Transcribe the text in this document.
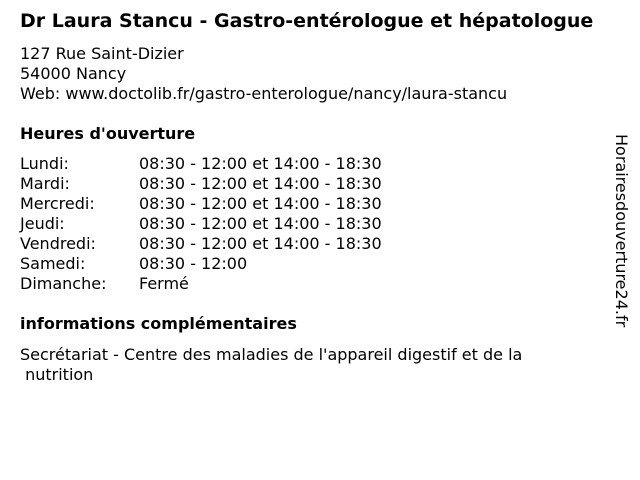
Dr Laura Stancu - Gastro-entérologue et hépatologue
127 Rue Saint-Dizier
54000 Nancy
Web: www.doctolib.fr/gastro-enterologue/nancy/laura-stancu
Heures d'ouverture
Lundi:	08:30 - 12:00 et 14:00 - 18:30
Mardi:	08:30 - 12:00 et 14:00 - 18:30
Mercredi:	08:30 - 12:00 et 14:00 - 18:30
Jeudi:	08:30 - 12:00 et 14:00 - 18:30
Vendredi:	08:30 - 12:00 et 14:00 - 18:30
Samedi:	08:30 - 12:00
Dimanche:	Fermé
informations complémentaires
Secrétariat - Centre des maladies de l'appareil digestif et de la
nutrition
Horairesdouverture24.fr
